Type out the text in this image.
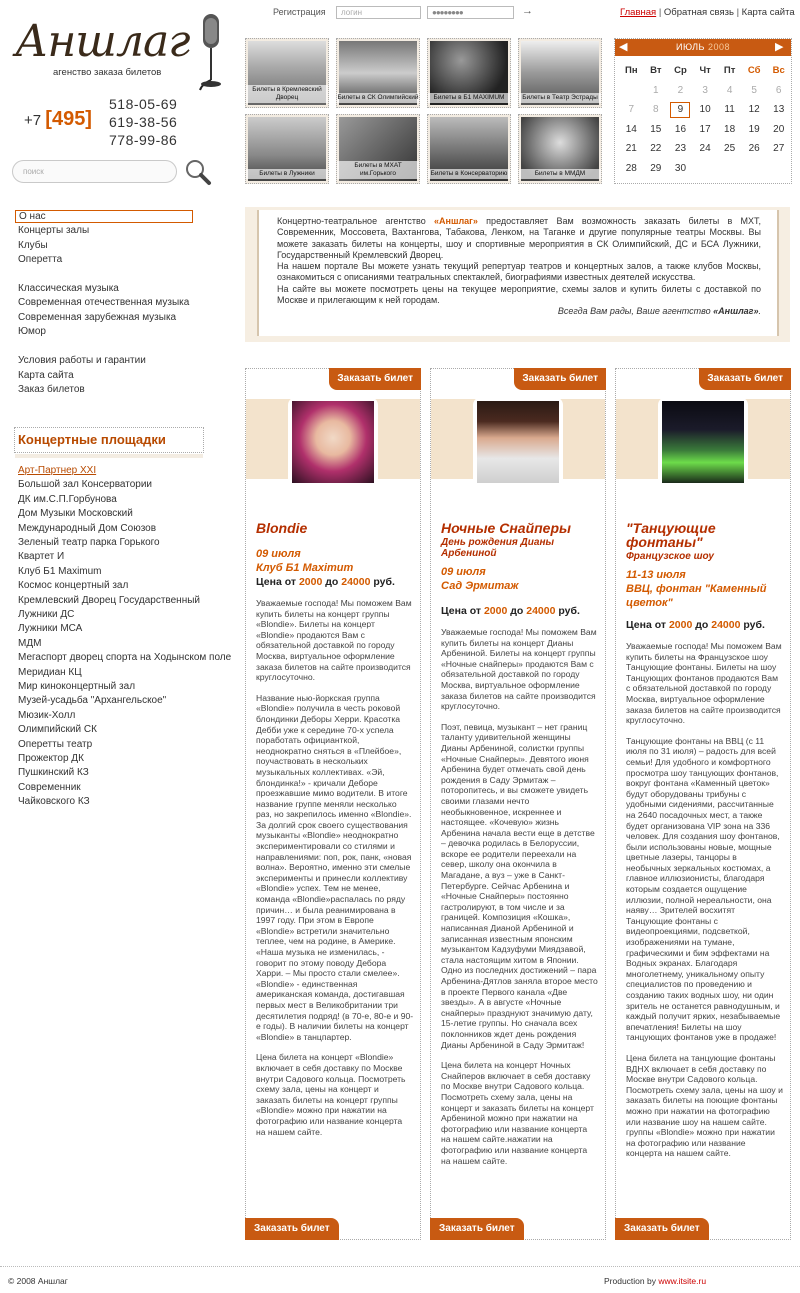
Регистрация	логин	●●●●●●●●	→	Главная | Обратная связь | Карта сайта
Аншлаг
агенство заказа билетов
+7 [495]
518-05-69
619-38-56
778-99-86
поиск
Билеты в Кремлевский Дворец	Билеты в СК Олимпийский	Билеты в Б1 MAXIMUM	Билеты в Театр Эстрады
Билеты в Лужники
Билеты в МХАТ им.Горького	Билеты в Консерваторию	Билеты в ММДМ
ИЮЛЬ 2008
◀	▶
Пн	Вт	Ср	Чт	Пт	Сб	Вс
	1	2	3	4	5	6
7	8	9	10	11	12	13
14	15	16	17	18	19	20
21	22	23	24	25	26	27
28	29	30				
О нас
Концерты залы
Клубы
Оперетта
Классическая музыка
Современная отечественная музыка
Современная зарубежная музыка
Юмор
Условия работы и гарантии
Карта сайта
Заказ билетов
Концертные площадки
Арт-Партнер XXI
Большой зал Консерватории
ДК им.С.П.Горбунова
Дом Музыки Московский
Международный Дом Союзов
Зеленый театр парка Горького
Квартет И
Клуб Б1 Maximum
Космос концертный зал
Кремлевский Дворец Государственный
Лужники ДС
Лужники МСА
МДМ
Мегаспорт дворец спорта на Ходынском поле
Меридиан КЦ
Мир киноконцертный зал
Музей-усадьба "Архангельское"
Мюзик-Холл
Олимпийский СК
Оперетты театр
Прожектор ДК
Пушкинский КЗ
Современник
Чайковского КЗ

Концертно-театральное агентство «Аншлаг» предоставляет Вам возможность заказать билеты в МХТ, Современник, Моссовета, Вахтангова, Табакова, Ленком, на Таганке и другие популярные театры Москвы. Вы можете заказать билеты на концерты, шоу и спортивные мероприятия в СК Олимпийский, ДС и БСА Лужники, Государственный Кремлевский Дворец.

На нашем портале Вы можете узнать текущий репертуар театров и концертных залов, а также клубов Москвы, ознакомиться с описаниями театральных спектаклей, биографиями известных деятелей искусства.

На сайте вы можете посмотреть цены на текущее мероприятие, схемы залов и купить билеты с доставкой по Москве и прилегающим к ней городам.

Всегда Вам рады, Ваше агентство «Аншлаг».

Заказать билет
Blondie
09 июля
Клуб Б1 Maximum
Цена от 2000 до 24000 руб.

Уважаемые господа! Мы поможем Вам купить билеты на концерт группы «Blondie». Билеты на концерт «Blondie» продаются Вам с обязательной доставкой по городу Москва, виртуальное оформление заказа билетов на сайте производится круглосуточно.

Название нью-йоркская группа «Blondie» получила в честь роковой блондинки Деборы Херри. Красотка Дебби уже к середине 70-х успела поработать официанткой, неоднократно сняться в «Плейбое», поучаствовать в нескольких музыкальных коллективах. «Эй, блондинка!» - кричали Деборе проезжавшие мимо водители. В итоге название группе меняли несколько раз, но закрепилось именно «Blondie». За долгий срок своего существования музыканты «Blondie» неоднократно экспериментировали со стилями и направлениями: поп, рок, панк, «новая волна». Вероятно, именно эти смелые эксперименты и принесли коллективу «Blondie» успех. Тем не менее, команда «Blondie»распалась по ряду причин… и была реанимирована в 1997 году. При этом в Европе «Blondie» встретили значительно теплее, чем на родине, в Америке. «Наша музыка не изменилась, - говорит по этому поводу Дебора Харри. – Мы просто стали смелее». «Blondie» - единственная американская команда, достигавшая первых мест в Великобритании три десятилетия подряд! (в 70-е, 80-е и 90-е годы). В наличии билеты на концерт «Blondie» в танцпартер.

Цена билета на концерт «Blondie» включает в себя доставку по Москве внутри Садового кольца. Посмотреть схему зала, цены на концерт и заказать билеты на концерт группы «Blondie» можно при нажатии на фотографию или название концерта на нашем сайте.

Заказать билет
Заказать билет
Ночные Снайперы
День рождения Дианы Арбениной
09 июля
Сад Эрмитаж
Цена от 2000 до 24000 руб.

Уважаемые господа! Мы поможем Вам купить билеты на концерт Дианы Арбениной. Билеты на концерт группы «Ночные снайперы» продаются Вам с обязательной доставкой по городу Москва, виртуальное оформление заказа билетов на сайте производится круглосуточно.

Поэт, певица, музыкант – нет границ таланту удивительной женщины Дианы Арбениной, солистки группы «Ночные Снайперы». Девятого июня Арбенина будет отмечать свой день рождения в Саду Эрмитаж – поторопитесь, и вы сможете увидеть своими глазами нечто необыкновенное, искреннее и настоящее. «Кочевую» жизнь Арбенина начала вести еще в детстве – девочка родилась в Белоруссии, вскоре ее родители переехали на север, школу она окончила в Магадане, а вуз – уже в Санкт-Петербурге. Сейчас Арбенина и «Ночные Снайперы» постоянно гастролируют, в том числе и за границей. Композиция «Кошка», написанная Дианой Арбениной и записанная известным японским музыкантом Кадзуфуми Миядзавой, стала настоящим хитом в Японии. Одно из последних достижений – пара Арбенина-Дятлов заняла второе место в проекте Первого канала «Две звезды». А в августе «Ночные снайперы» празднуют значимую дату, 15-летие группы. Но сначала всех поклонников ждет день рождения Дианы Арбениной в Саду Эрмитаж!

Цена билета на концерт Ночных Снайперов включает в себя доставку по Москве внутри Садового кольца. Посмотреть схему зала, цены на концерт и заказать билеты на концерт Арбениной можно при нажатии на фотографию или название концерта на нашем сайте.нажатии на фотографию или название концерта на нашем сайте.

Заказать билет
Заказать билет
"Танцующие фонтаны"
Французское шоу
11-13 июля
ВВЦ, фонтан "Каменный цветок"
Цена от 2000 до 24000 руб.

Уважаемые господа! Мы поможем Вам купить билеты на Французское шоу Танцующие фонтаны. Билеты на шоу Танцующих фонтанов продаются Вам с обязательной доставкой по городу Москва, виртуальное оформление заказа билетов на сайте производится круглосуточно.

Танцующие фонтаны на ВВЦ (с 11 июля по 31 июля) – радость для всей семьи! Для удобного и комфортного просмотра шоу танцующих фонтанов, вокруг фонтана «Каменный цветок» будут оборудованы трибуны с удобными сидениями, рассчитанные на 2640 посадочных мест, а также будет организована VIP зона на 336 человек. Для создания шоу фонтанов, были использованы новые, мощные цветные лазеры, танцоры в необычных зеркальных костюмах, а главное иллюзионисты, благодаря которым создается ощущение иллюзии, полной нереальности, она наяву… Зрителей восхитят Танцующие фонтаны с видеопроекциями, подсветкой, изображениями на тумане, графическими и бим эффектами на Водных экранах. Благодаря многолетнему, уникальному опыту специалистов по проведению и созданию таких водных шоу, ни один зритель не останется равнодушным, и каждый получит ярких, незабываемые впечатления! Билеты на шоу танцующих фонтанов уже в продаже!

Цена билета на танцующие фонтаны ВДНХ включает в себя доставку по Москве внутри Садового кольца. Посмотреть схему зала, цены на шоу и заказать билеты на поющие фонтаны можно при нажатии на фотографию или название шоу на нашем сайте. группы «Blondie» можно при нажатии на фотографию или название концерта на нашем сайте.

Заказать билет
© 2008 Аншлаг	Production by www.itsite.ru
